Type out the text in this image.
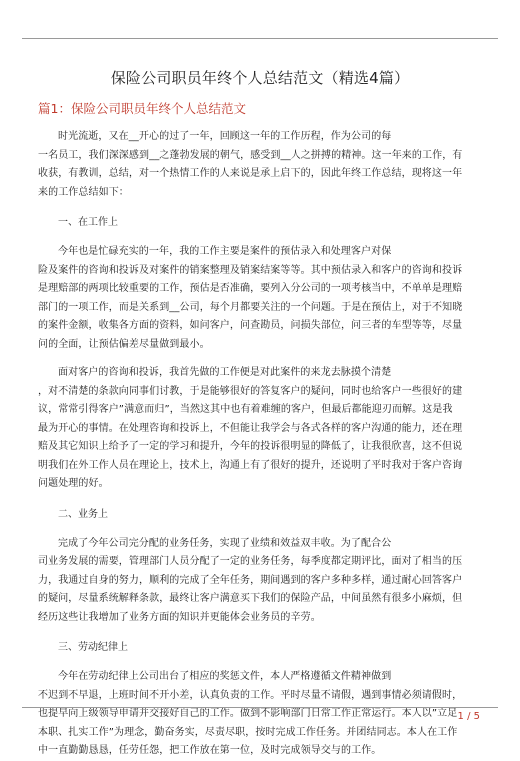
保险公司职员年终个人总结范文（精选4篇）
篇1：保险公司职员年终个人总结范文

时光流逝，又在__开心的过了一年，回顾这一年的工作历程，作为公司的每
一名员工，我们深深感到__之蓬勃发展的朝气，感受到__人之拼搏的精神。这一年来的工作，有
收获，有教训，总结，对一个热情工作的人来说是承上启下的，因此年终工作总结，现将这一年
来的工作总结如下：

一、在工作上

今年也是忙碌充实的一年，我的工作主要是案件的预估录入和处理客户对保
险及案件的咨询和投诉及对案件的销案整理及销案结案等等。其中预估录入和客户的咨询和投诉
是理赔部的两项比较重要的工作，预估是否准确，要列入分公司的一项考核当中，不单单是理赔
部门的一项工作，而是关系到__公司，每个月都要关注的一个问题。于是在预估上，对于不知晓
的案件金额，收集各方面的资料，如问客户，问查勘员，问损失部位，问三者的车型等等，尽量
问的全面，让预估偏差尽量做到最小。

面对客户的咨询和投诉，我首先做的工作便是对此案件的来龙去脉摸个清楚
，对不清楚的条款向同事们讨教，于是能够很好的答复客户的疑问，同时也给客户一些很好的建
议，常常引得客户”满意而归”，当然这其中也有着难缠的客户，但最后都能迎刃而解。这是我
最为开心的事情。在处理咨询和投诉上，不但能让我学会与各式各样的客户沟通的能力，还在理
赔及其它知识上给予了一定的学习和提升，今年的投诉很明显的降低了，让我很欣喜，这不但说
明我们在外工作人员在理论上，技术上，沟通上有了很好的提升，还说明了平时我对于客户咨询
问题处理的好。

二、业务上

完成了今年公司完分配的业务任务，实现了业绩和效益双丰收。为了配合公
司业务发展的需要，管理部门人员分配了一定的业务任务，每季度都定期评比，面对了相当的压
力，我通过自身的努力，顺利的完成了全年任务，期间遇到的客户多种多样，通过耐心回答客户
的疑问，尽量系统解释条款，最终让客户满意买下我们的保险产品，中间虽然有很多小麻烦，但
经历这些让我增加了业务方面的知识并更能体会业务员的辛劳。

三、劳动纪律上

今年在劳动纪律上公司出台了相应的奖惩文件，本人严格遵循文件精神做到
不迟到不早退，上班时间不开小差，认真负责的工作。平时尽量不请假，遇到事情必须请假时，
也提早向上级领导申请并交接好自己的工作。做到不影响部门日常工作正常运行。本人以”立足
本职、扎实工作”为理念，勤奋务实，尽责尽职，按时完成工作任务。并团结同志。本人在工作
中一直勤勤恳恳，任劳任怨，把工作放在第一位，及时完成领导交与的工作。

1 / 5
